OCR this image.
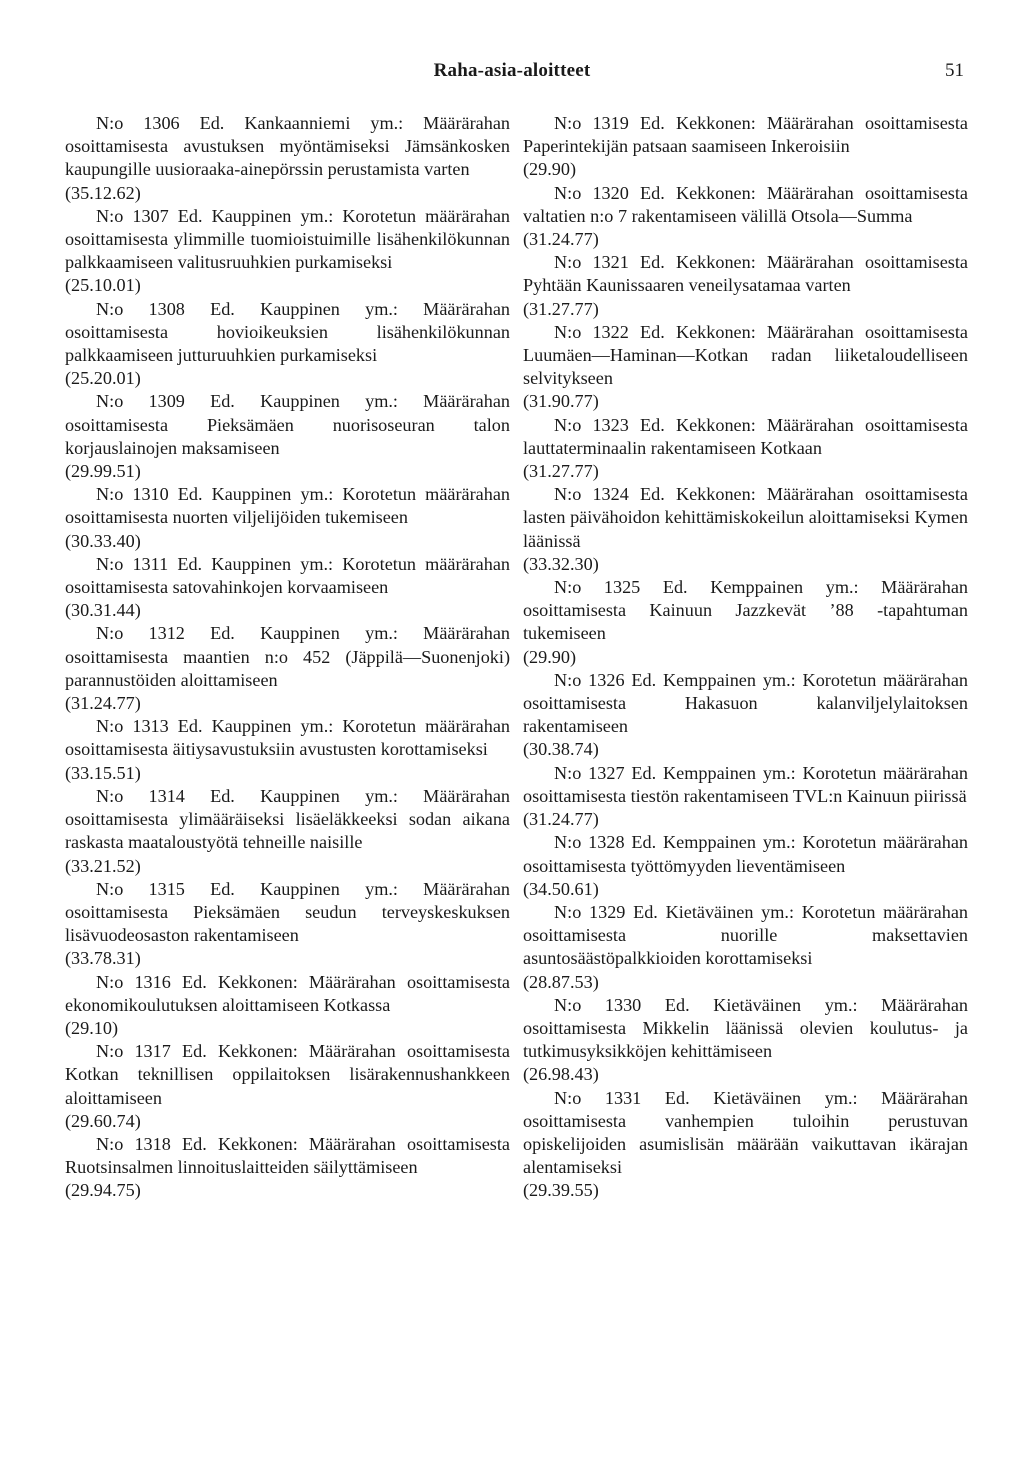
Raha-asia-aloitteet	51
N:o 1306 Ed. Kankaanniemi ym.: Määrärahan osoittamisesta avustuksen myöntämiseksi Jämsänkosken kaupungille uusioraaka-ainepörssin perustamista varten
(35.12.62)
N:o 1307 Ed. Kauppinen ym.: Korotetun määrärahan osoittamisesta ylimmille tuomioistuimille lisähenkilökunnan palkkaamiseen valitusruuhkien purkamiseksi
(25.10.01)
N:o 1308 Ed. Kauppinen ym.: Määrärahan osoittamisesta hovioikeuksien lisähenkilökunnan palkkaamiseen jutturuuhkien purkamiseksi
(25.20.01)
N:o 1309 Ed. Kauppinen ym.: Määrärahan osoittamisesta Pieksämäen nuorisoseuran talon korjauslainojen maksamiseen
(29.99.51)
N:o 1310 Ed. Kauppinen ym.: Korotetun määrärahan osoittamisesta nuorten viljelijöiden tukemiseen
(30.33.40)
N:o 1311 Ed. Kauppinen ym.: Korotetun määrärahan osoittamisesta satovahinkojen korvaamiseen
(30.31.44)
N:o 1312 Ed. Kauppinen ym.: Määrärahan osoittamisesta maantien n:o 452 (Jäppilä—Suonenjoki) parannustöiden aloittamiseen
(31.24.77)
N:o 1313 Ed. Kauppinen ym.: Korotetun määrärahan osoittamisesta äitiysavustuksiin avustusten korottamiseksi
(33.15.51)
N:o 1314 Ed. Kauppinen ym.: Määrärahan osoittamisesta ylimääräiseksi lisäeläkkeeksi sodan aikana raskasta maataloustyötä tehneille naisille
(33.21.52)
N:o 1315 Ed. Kauppinen ym.: Määrärahan osoittamisesta Pieksämäen seudun terveyskeskuksen lisävuodeosaston rakentamiseen
(33.78.31)
N:o 1316 Ed. Kekkonen: Määrärahan osoittamisesta ekonomikoulutuksen aloittamiseen Kotkassa
(29.10)
N:o 1317 Ed. Kekkonen: Määrärahan osoittamisesta Kotkan teknillisen oppilaitoksen lisärakennushankkeen aloittamiseen
(29.60.74)
N:o 1318 Ed. Kekkonen: Määrärahan osoittamisesta Ruotsinsalmen linnoituslaitteiden säilyttämiseen
(29.94.75)
N:o 1319 Ed. Kekkonen: Määrärahan osoittamisesta Paperintekijän patsaan saamiseen Inkeroisiin
(29.90)
N:o 1320 Ed. Kekkonen: Määrärahan osoittamisesta valtatien n:o 7 rakentamiseen välillä Otsola—Summa
(31.24.77)
N:o 1321 Ed. Kekkonen: Määrärahan osoittamisesta Pyhtään Kaunissaaren veneilysatamaa varten
(31.27.77)
N:o 1322 Ed. Kekkonen: Määrärahan osoittamisesta Luumäen—Haminan—Kotkan radan liiketaloudelliseen selvitykseen
(31.90.77)
N:o 1323 Ed. Kekkonen: Määrärahan osoittamisesta lauttaterminaalin rakentamiseen Kotkaan
(31.27.77)
N:o 1324 Ed. Kekkonen: Määrärahan osoittamisesta lasten päivähoidon kehittämiskokeilun aloittamiseksi Kymen läänissä
(33.32.30)
N:o 1325 Ed. Kemppainen ym.: Määrärahan osoittamisesta Kainuun Jazzkevät ’88 -tapahtuman tukemiseen
(29.90)
N:o 1326 Ed. Kemppainen ym.: Korotetun määrärahan osoittamisesta Hakasuon kalanviljelylaitoksen rakentamiseen
(30.38.74)
N:o 1327 Ed. Kemppainen ym.: Korotetun määrärahan osoittamisesta tiestön rakentamiseen TVL:n Kainuun piirissä
(31.24.77)
N:o 1328 Ed. Kemppainen ym.: Korotetun määrärahan osoittamisesta työttömyyden lieventämiseen
(34.50.61)
N:o 1329 Ed. Kietäväinen ym.: Korotetun määrärahan osoittamisesta nuorille maksettavien asuntosäästöpalkkioiden korottamiseksi
(28.87.53)
N:o 1330 Ed. Kietäväinen ym.: Määrärahan osoittamisesta Mikkelin läänissä olevien koulutus- ja tutkimusyksikköjen kehittämiseen
(26.98.43)
N:o 1331 Ed. Kietäväinen ym.: Määrärahan osoittamisesta vanhempien tuloihin perustuvan opiskelijoiden asumislisän määrään vaikuttavan ikärajan alentamiseksi
(29.39.55)
